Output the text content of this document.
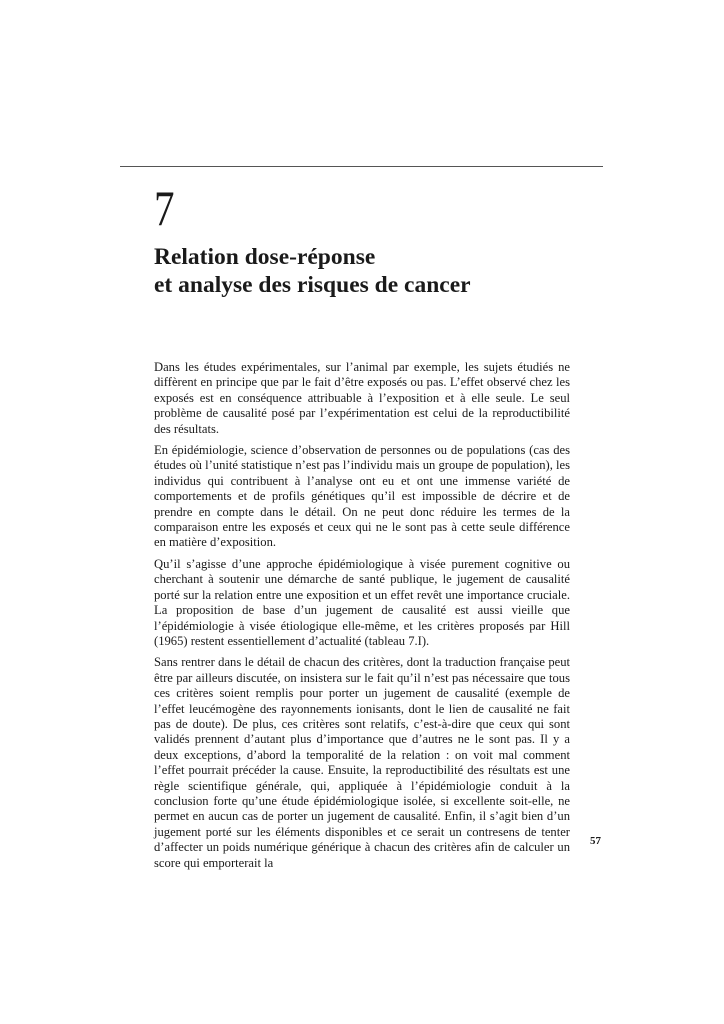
7
Relation dose-réponse
et analyse des risques de cancer

Dans les études expérimentales, sur l’animal par exemple, les sujets étudiés ne diffèrent en principe que par le fait d’être exposés ou pas. L’effet observé chez les exposés est en conséquence attribuable à l’exposition et à elle seule. Le seul problème de causalité posé par l’expérimentation est celui de la reproductibilité des résultats.

En épidémiologie, science d’observation de personnes ou de populations (cas des études où l’unité statistique n’est pas l’individu mais un groupe de population), les individus qui contribuent à l’analyse ont eu et ont une immense variété de comportements et de profils génétiques qu’il est impossible de décrire et de prendre en compte dans le détail. On ne peut donc réduire les termes de la comparaison entre les exposés et ceux qui ne le sont pas à cette seule différence en matière d’exposition.

Qu’il s’agisse d’une approche épidémiologique à visée purement cognitive ou cherchant à soutenir une démarche de santé publique, le jugement de causalité porté sur la relation entre une exposition et un effet revêt une importance cruciale. La proposition de base d’un jugement de causalité est aussi vieille que l’épidémiologie à visée étiologique elle-même, et les critères proposés par Hill (1965) restent essentiellement d’actualité (tableau 7.I).

Sans rentrer dans le détail de chacun des critères, dont la traduction française peut être par ailleurs discutée, on insistera sur le fait qu’il n’est pas nécessaire que tous ces critères soient remplis pour porter un jugement de causalité (exemple de l’effet leucémogène des rayonnements ionisants, dont le lien de causalité ne fait pas de doute). De plus, ces critères sont relatifs, c’est-à-dire que ceux qui sont validés prennent d’autant plus d’importance que d’autres ne le sont pas. Il y a deux exceptions, d’abord la temporalité de la relation : on voit mal comment l’effet pourrait précéder la cause. Ensuite, la reproductibilité des résultats est une règle scientifique générale, qui, appliquée à l’épidémiologie conduit à la conclusion forte qu’une étude épidémiologique isolée, si excellente soit-elle, ne permet en aucun cas de porter un jugement de causalité. Enfin, il s’agit bien d’un jugement porté sur les éléments disponibles et ce serait un contresens de tenter d’affecter un poids numérique générique à chacun des critères afin de calculer un score qui emporterait la

57
